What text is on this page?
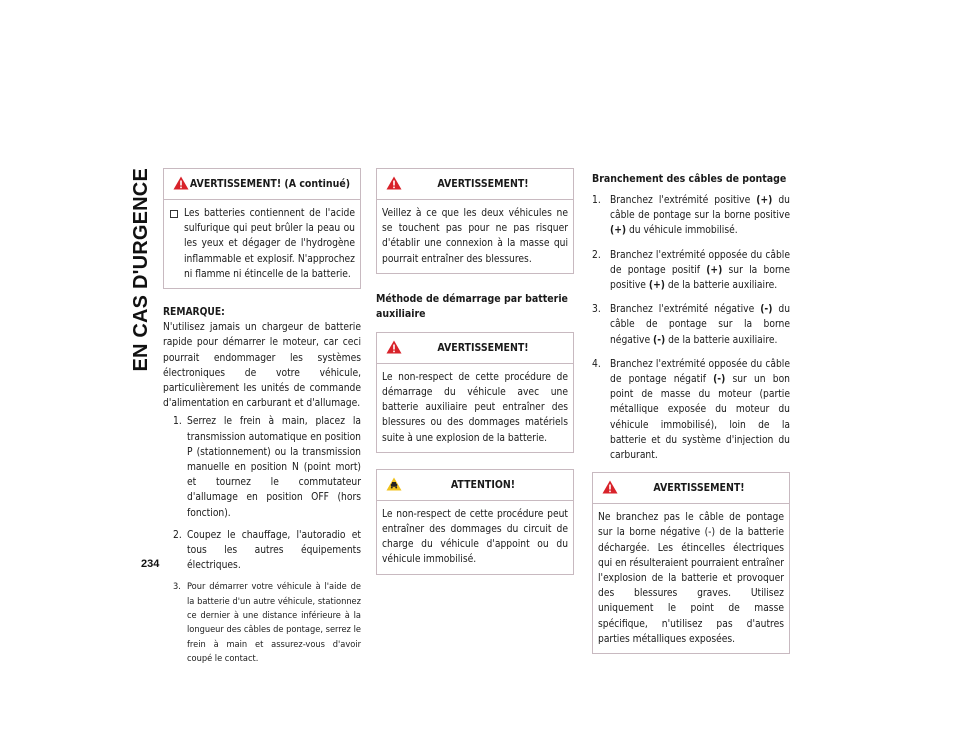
EN CAS D'URGENCE
234
AVERTISSEMENT! (A continué)
Les batteries contiennent de l'acide sulfurique qui peut brûler la peau ou les yeux et dégager de l'hydrogène inflammable et explosif. N'approchez ni flamme ni étincelle de la batterie.
REMARQUE:

N'utilisez jamais un chargeur de batterie rapide pour démarrer le moteur, car ceci pourrait endommager les systèmes électroniques de votre véhicule, particulièrement les unités de commande d'alimentation en carburant et d'allumage.

1. Serrez le frein à main, placez la transmission automatique en position P (stationnement) ou la transmission manuelle en position N (point mort) et tournez le commutateur d'allumage en position OFF (hors fonction).
2. Coupez le chauffage, l'autoradio et tous les autres équipements électriques.
3. Pour démarrer votre véhicule à l'aide de la batterie d'un autre véhicule, stationnez ce dernier à une distance inférieure à la longueur des câbles de pontage, serrez le frein à main et assurez-vous d'avoir coupé le contact.
AVERTISSEMENT!
Veillez à ce que les deux véhicules ne se touchent pas pour ne pas risquer d'établir une connexion à la masse qui pourrait entraîner des blessures.
Méthode de démarrage par batterie auxiliaire
AVERTISSEMENT!
Le non-respect de cette procédure de démarrage du véhicule avec une batterie auxiliaire peut entraîner des blessures ou des dommages matériels suite à une explosion de la batterie.
ATTENTION!
Le non-respect de cette procédure peut entraîner des dommages du circuit de charge du véhicule d'appoint ou du véhicule immobilisé.
Branchement des câbles de pontage
1. Branchez l'extrémité positive (+) du câble de pontage sur la borne positive (+) du véhicule immobilisé.
2. Branchez l'extrémité opposée du câble de pontage positif (+) sur la borne positive (+) de la batterie auxiliaire.
3. Branchez l'extrémité négative (-) du câble de pontage sur la borne négative (-) de la batterie auxiliaire.
4. Branchez l'extrémité opposée du câble de pontage négatif (-) sur un bon point de masse du moteur (partie métallique exposée du moteur du véhicule immobilisé), loin de la batterie et du système d'injection du carburant.
AVERTISSEMENT!
Ne branchez pas le câble de pontage sur la borne négative (-) de la batterie déchargée. Les étincelles électriques qui en résulteraient pourraient entraîner l'explosion de la batterie et provoquer des blessures graves. Utilisez uniquement le point de masse spécifique, n'utilisez pas d'autres parties métalliques exposées.
